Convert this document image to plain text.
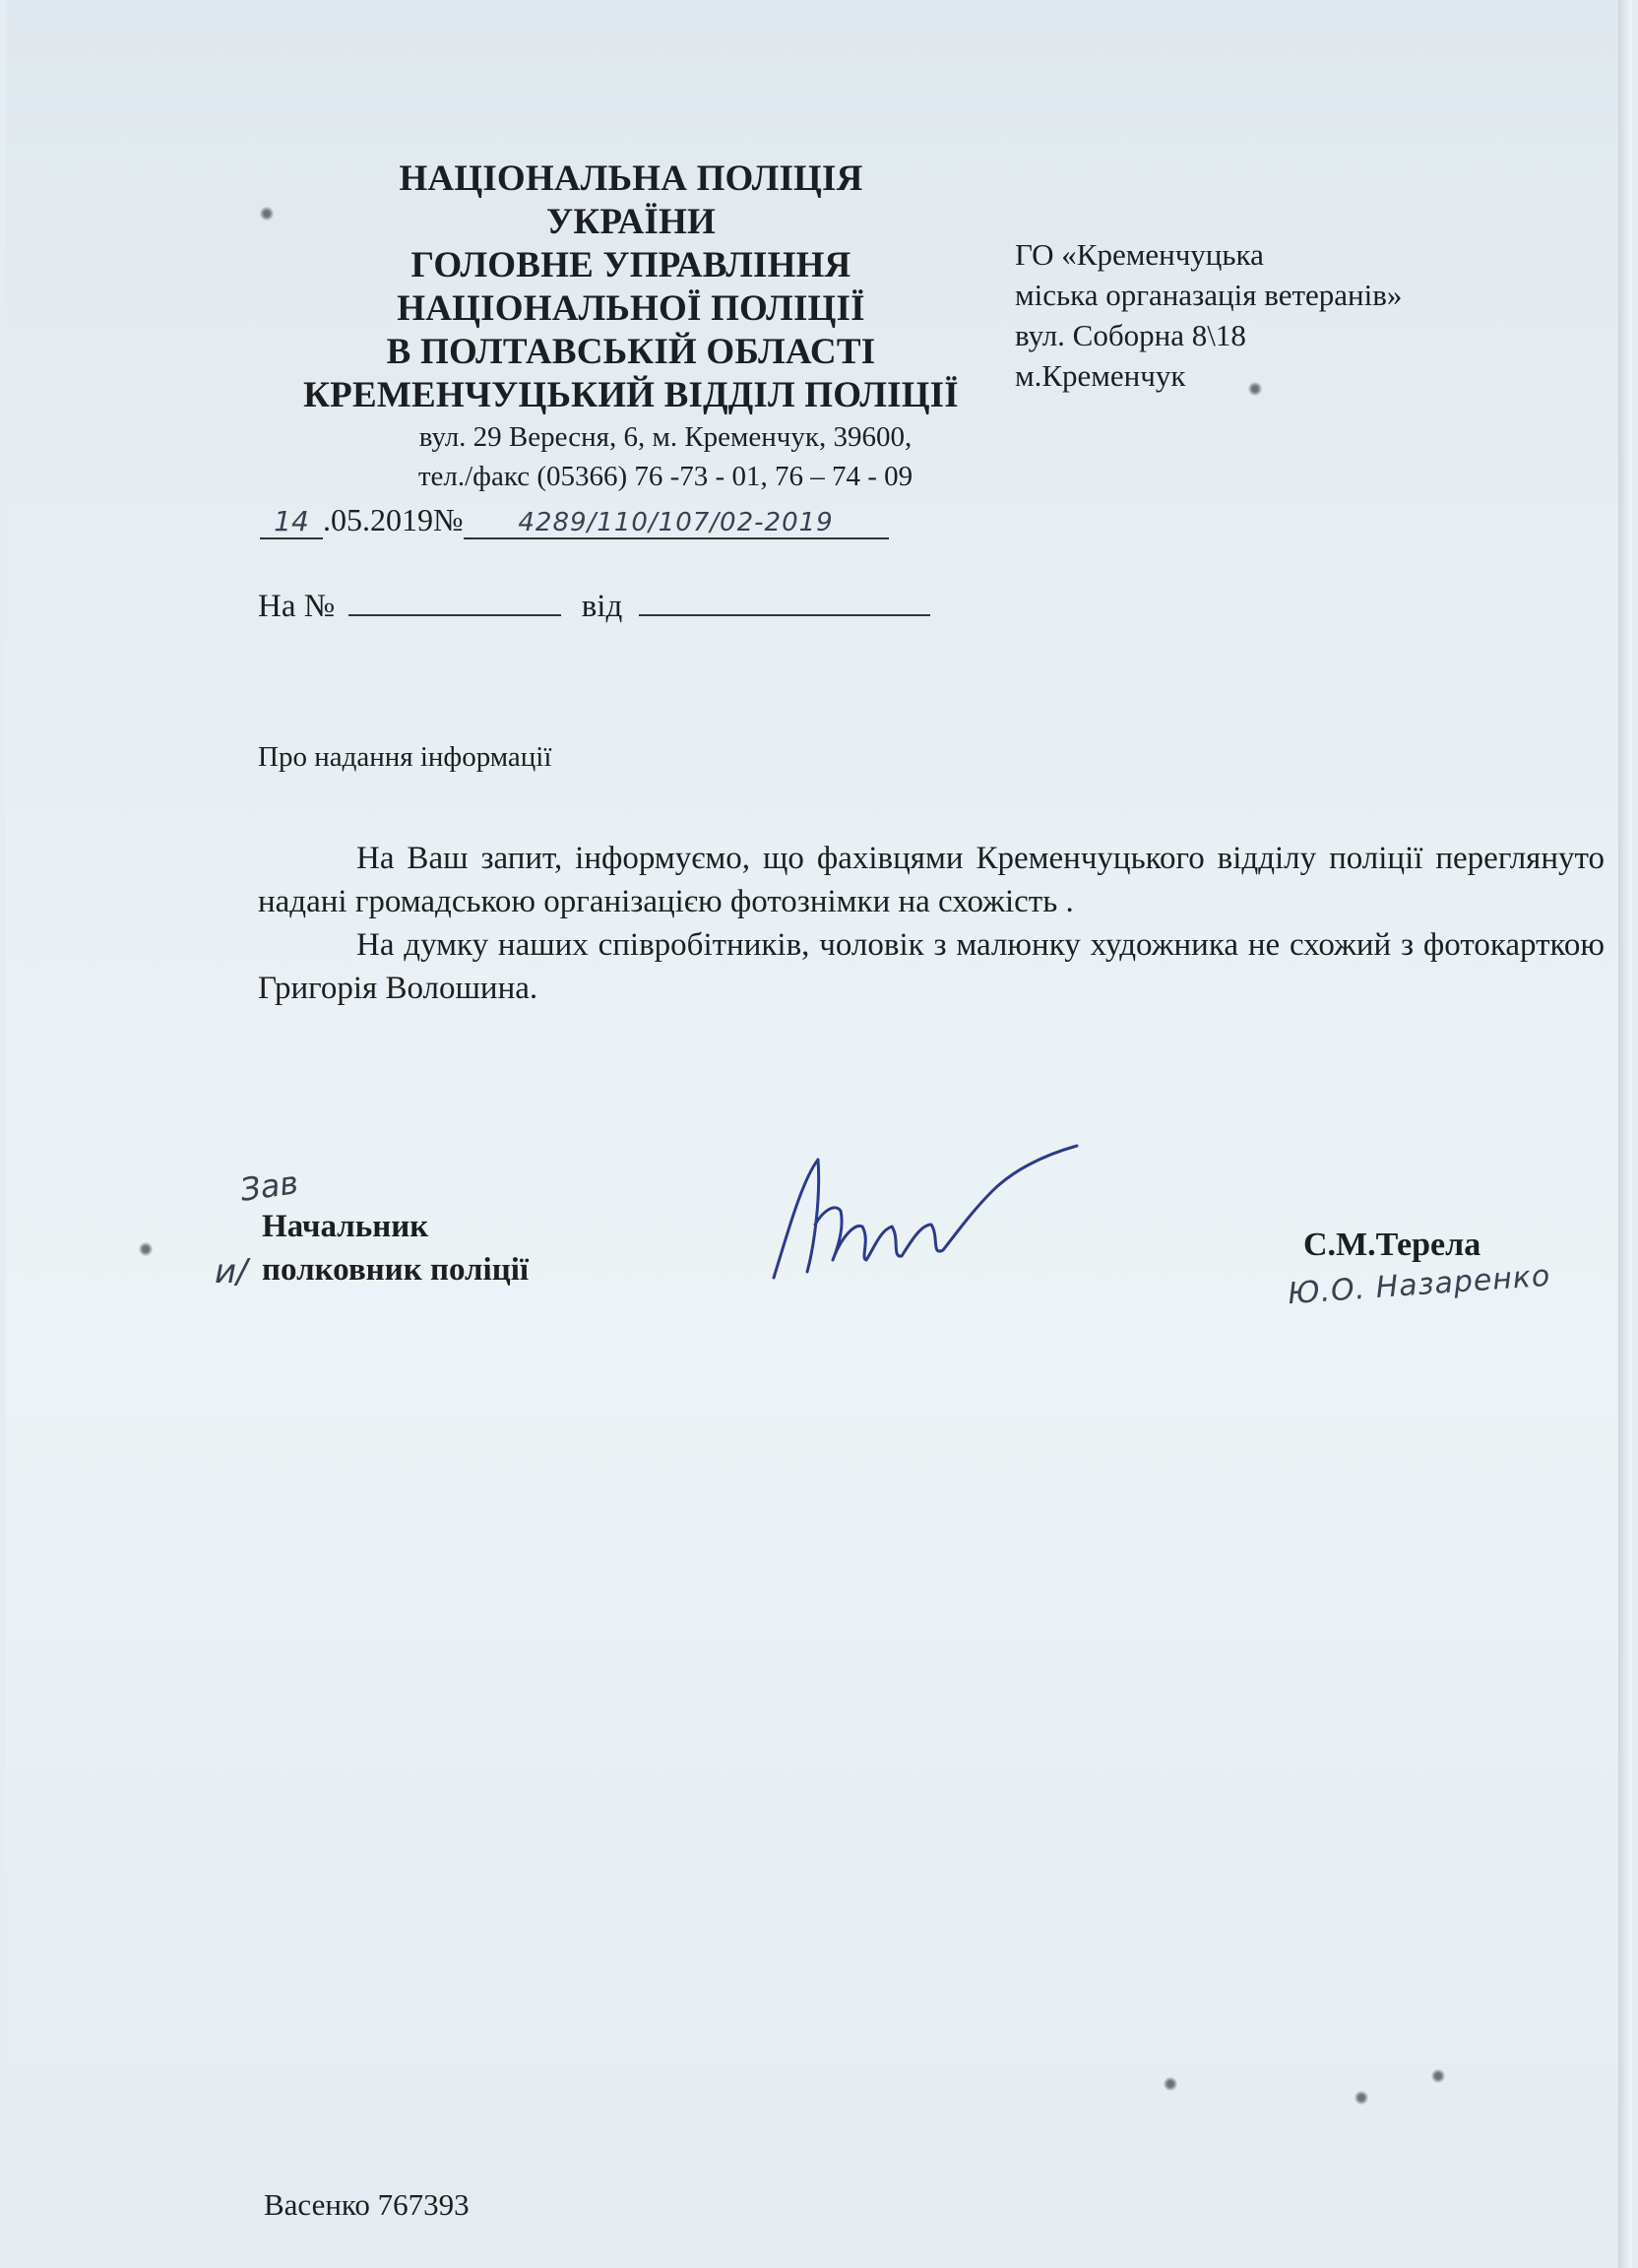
НАЦІОНАЛЬНА ПОЛІЦІЯ
УКРАЇНИ
ГОЛОВНЕ УПРАВЛІННЯ
НАЦІОНАЛЬНОЇ ПОЛІЦІЇ
В ПОЛТАВСЬКІЙ ОБЛАСТІ
КРЕМЕНЧУЦЬКИЙ ВІДДІЛ ПОЛІЦІЇ
вул. 29 Вересня, 6, м. Кременчук, 39600,
тел./факс (05366) 76 -73 - 01, 76 – 74 - 09
ГО «Кременчуцька
міська органазація ветеранів»
вул. Соборна 8\18
м.Кременчук
14 .05.2019№ 4289/110/107/02-2019
На №	від
Про надання інформації

На Ваш запит, інформуємо, що фахівцями Кременчуцького відділу поліції переглянуто надані громадською організацією фотознімки на схожість .

На думку наших співробітників, чоловік з малюнку художника не схожий з фотокарткою Григорія Волошина.

Зав
и/
Начальник
полковник поліції
С.М.Терела
Ю.О. Назаренко
Васенко 767393
